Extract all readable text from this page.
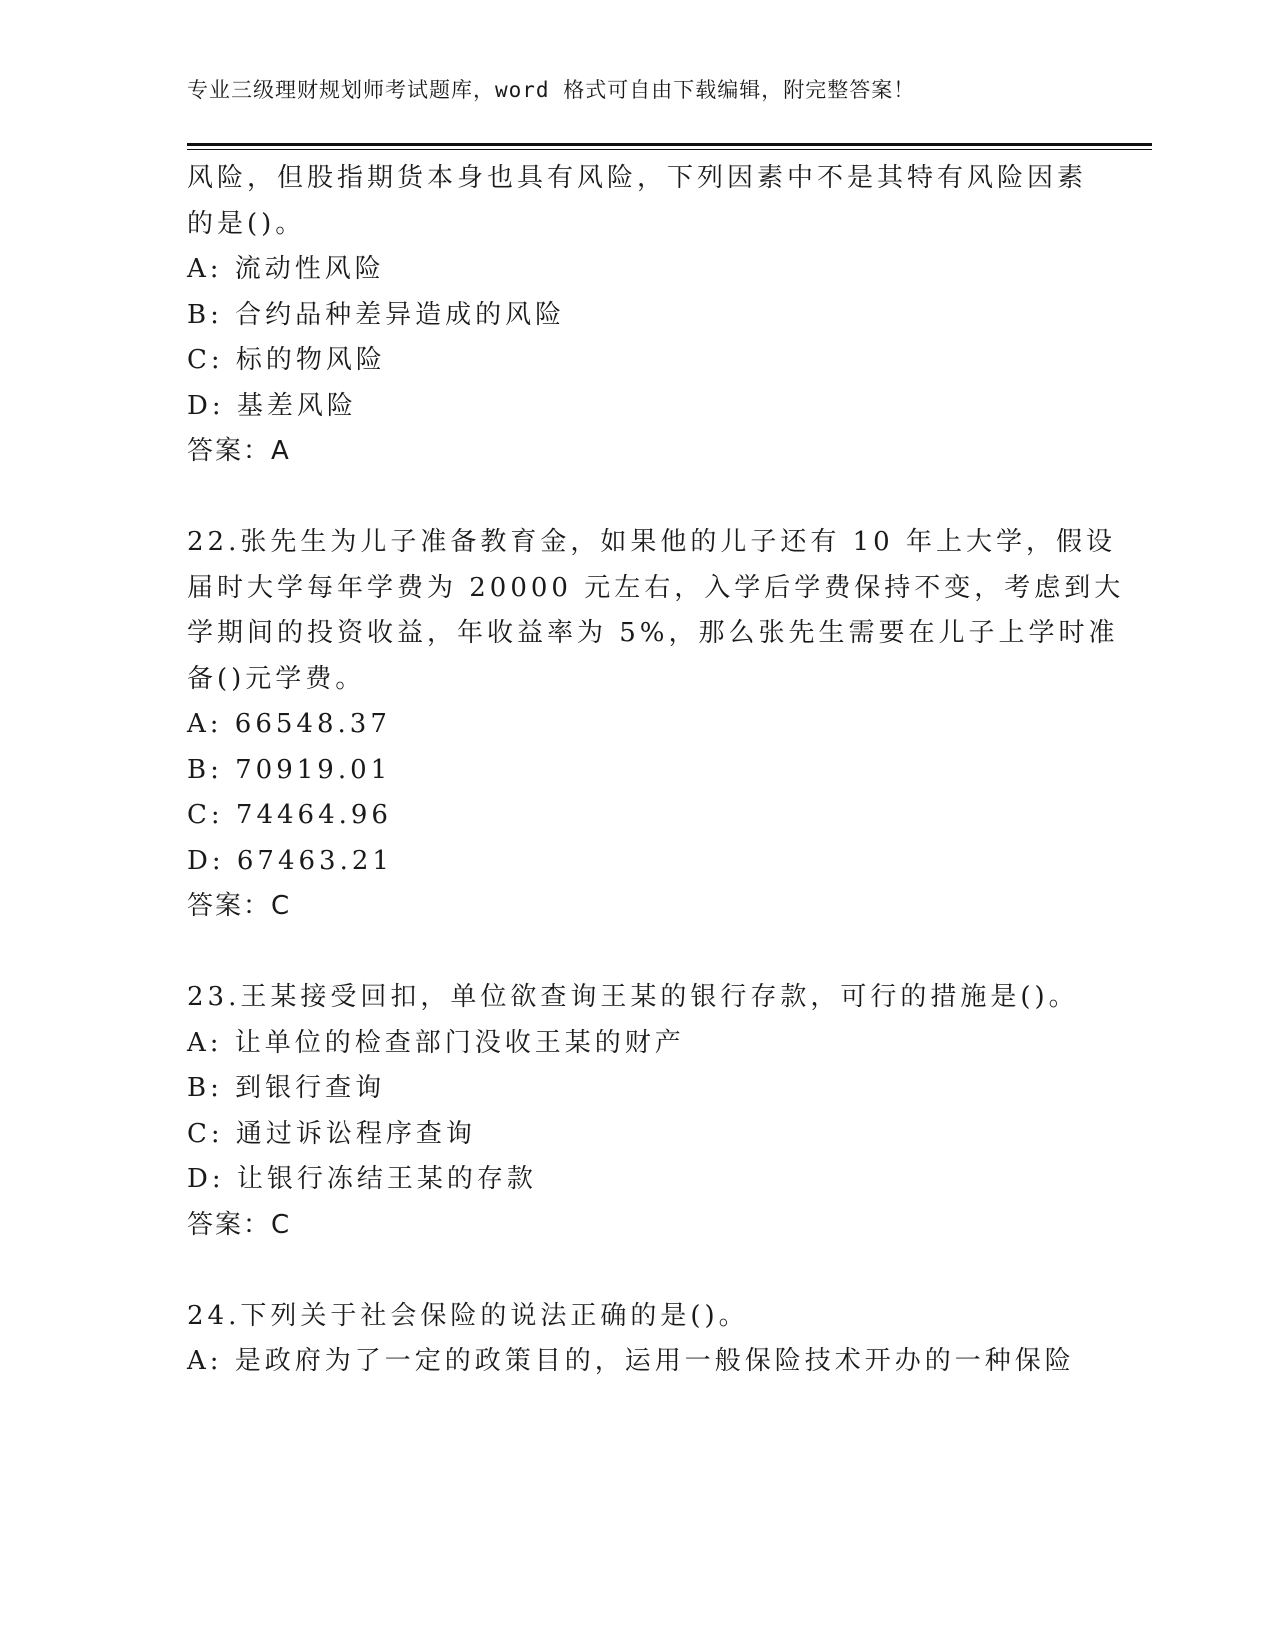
专业三级理财规划师考试题库，word 格式可自由下载编辑，附完整答案！
风险，但股指期货本身也具有风险，下列因素中不是其特有风险因素
的是()。
A: 流动性风险
B: 合约品种差异造成的风险
C: 标的物风险
D: 基差风险
答案：A
22.张先生为儿子准备教育金，如果他的儿子还有 10 年上大学，假设
届时大学每年学费为 20000 元左右，入学后学费保持不变，考虑到大
学期间的投资收益，年收益率为 5%，那么张先生需要在儿子上学时准
备()元学费。
A: 66548.37
B: 70919.01
C: 74464.96
D: 67463.21
答案：C
23.王某接受回扣，单位欲查询王某的银行存款，可行的措施是()。
A: 让单位的检查部门没收王某的财产
B: 到银行查询
C: 通过诉讼程序查询
D: 让银行冻结王某的存款
答案：C
24.下列关于社会保险的说法正确的是()。
A: 是政府为了一定的政策目的，运用一般保险技术开办的一种保险
